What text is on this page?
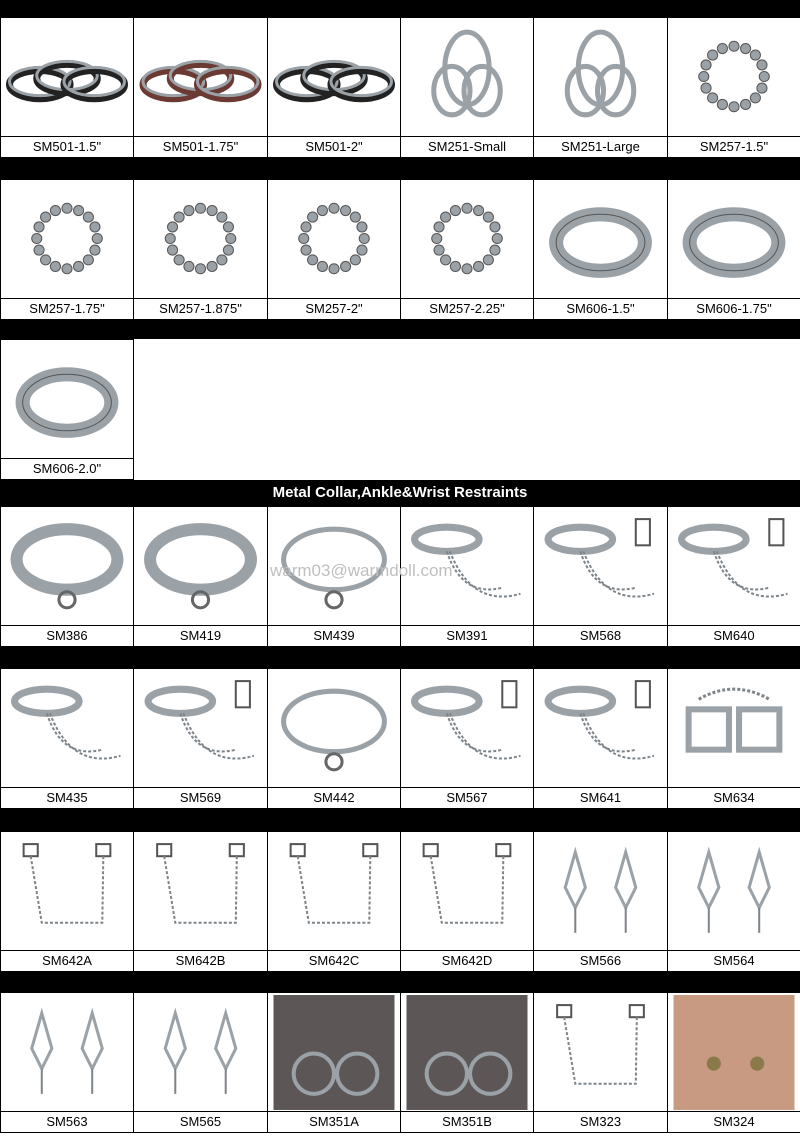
Metal Collar,Ankle&Wrist Restraints
SM501-1.5"	SM501-1.75"	SM501-2"	SM251-Small	SM251-Large	SM257-1.5"
SM257-1.75"	SM257-1.875"	SM257-2"	SM257-2.25"	SM606-1.5"	SM606-1.75"
SM606-2.0"
SM386	SM419	SM439	SM391	SM568	SM640
SM435	SM569	SM442	SM567	SM641	SM634
SM642A	SM642B	SM642C	SM642D	SM566	SM564
SM563	SM565	SM351A	SM351B	SM323	SM324
warm03@warmdoll.com
